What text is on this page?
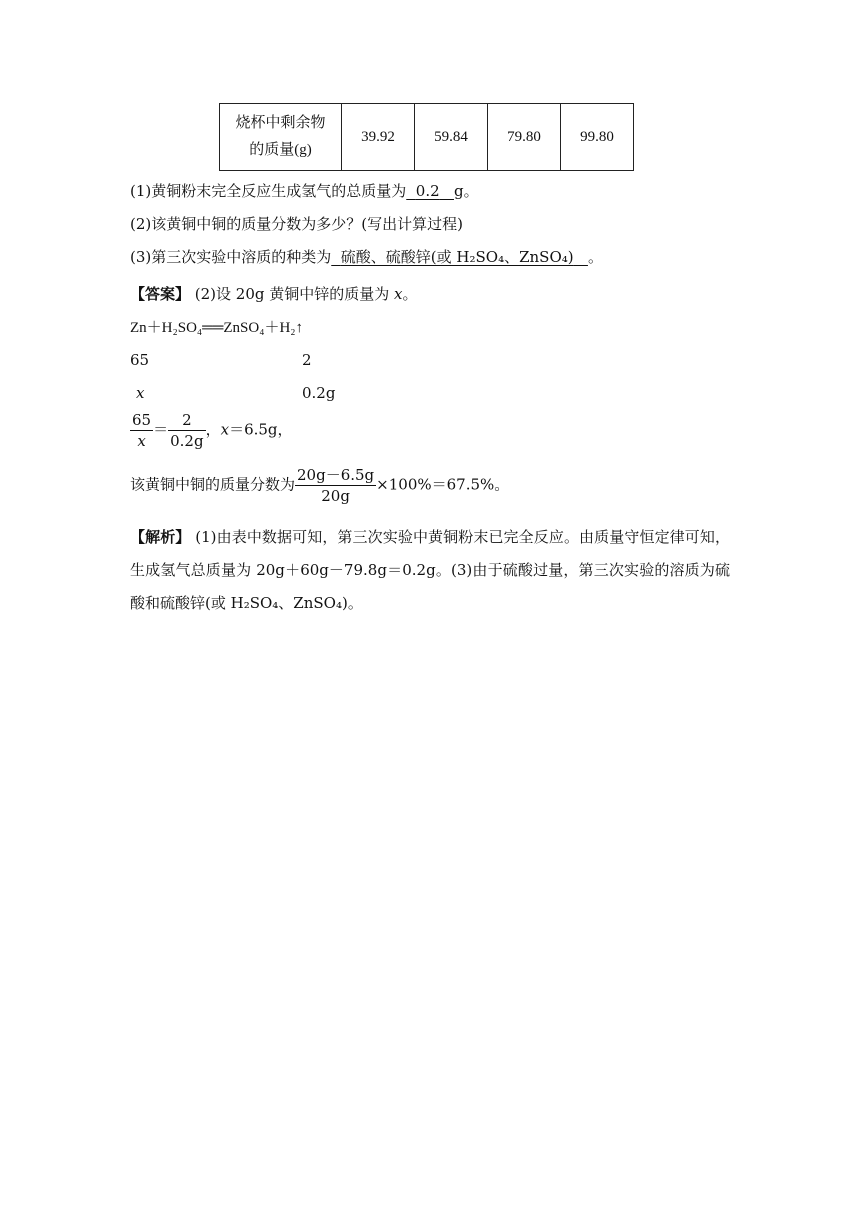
烧杯中剩余物
的质量(g)	39.92	59.84	79.80	99.80
(1)黄铜粉末完全反应生成氢气的总质量为 0.2 g。
(2)该黄铜中铜的质量分数为多少？(写出计算过程)
(3)第三次实验中溶质的种类为 硫酸、硫酸锌(或 H₂SO₄、ZnSO₄) 。
【答案】 (2)设 20g 黄铜中锌的质量为 x。
Zn＋H₂SO₄══ZnSO₄＋H₂↑
65	2
x	0.2g
$\frac{65}{x} = \frac{2}{0.2g}$ ，x＝6.5g，
该黄铜中铜的质量分数为 $\frac{20g-6.5g}{20g} \times 100\%=67.5\%$。
【解析】 (1)由表中数据可知，第三次实验中黄铜粉末已完全反应。由质量守恒定律可知，生成氢气总质量为 20g＋60g－79.8g＝0.2g。(3)由于硫酸过量，第三次实验的溶质为硫酸和硫酸锌(或 H₂SO₄、ZnSO₄)。
